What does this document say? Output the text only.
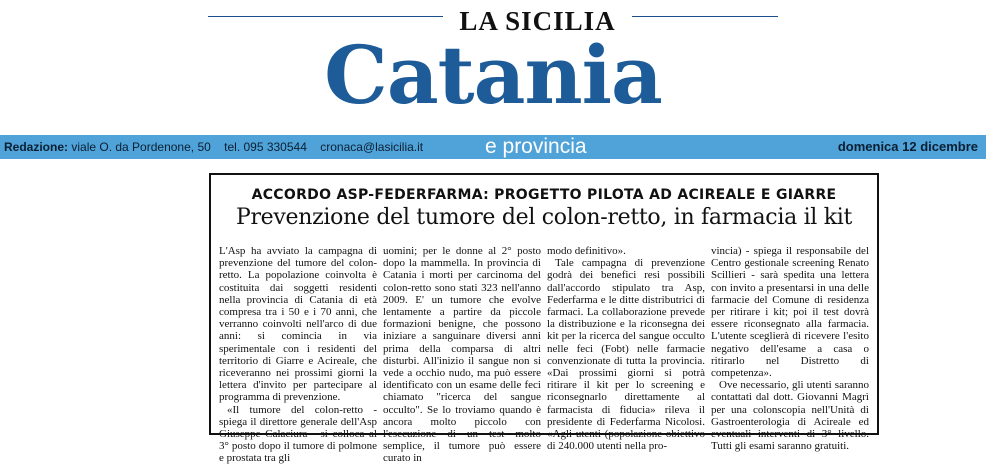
LA SICILIA
Catania
Redazione: viale O. da Pordenone, 50 tel. 095 330544 cronaca@lasicilia.it	e provincia	domenica 12 dicembre
ACCORDO ASP-FEDERFARMA: PROGETTO PILOTA AD ACIREALE E GIARRE
Prevenzione del tumore del colon-retto, in farmacia il kit

L'Asp ha avviato la campagna di prevenzione del tumore del colon-retto. La popolazione coinvolta è costituita dai soggetti residenti nella provincia di Catania di età compresa tra i 50 e i 70 anni, che verranno coinvolti nell'arco di due anni: si comincia in via sperimentale con i residenti del territorio di Giarre e Acireale, che riceveranno nei prossimi giorni la lettera d'invito per partecipare al programma di prevenzione.

«Il tumore del colon-retto - spiega il direttore generale dell'Asp Giuseppe Calaciura - si colloca al 3° posto dopo il tumore di polmone e prostata tra gli

uomini; per le donne al 2° posto dopo la mammella. In provincia di Catania i morti per carcinoma del colon-retto sono stati 323 nell'anno 2009. E' un tumore che evolve lentamente a partire da piccole formazioni benigne, che possono iniziare a sanguinare diversi anni prima della comparsa di altri disturbi. All'inizio il sangue non si vede a occhio nudo, ma può essere identificato con un esame delle feci chiamato "ricerca del sangue occulto". Se lo troviamo quando è ancora molto piccolo con l'esecuzione di un test molto semplice, il tumore può essere curato in

modo definitivo».

Tale campagna di prevenzione godrà dei benefici resi possibili dall'accordo stipulato tra Asp, Federfarma e le ditte distributrici di farmaci. La collaborazione prevede la distribuzione e la riconsegna dei kit per la ricerca del sangue occulto nelle feci (Fobt) nelle farmacie convenzionate di tutta la provincia. «Dai prossimi giorni si potrà ritirare il kit per lo screening e riconsegnarlo direttamente al farmacista di fiducia» rileva il presidente di Federfarma Nicolosi. «Agli utenti (popolazione obiettivo di 240.000 utenti nella pro-

vincia) - spiega il responsabile del Centro gestionale screening Renato Scillieri - sarà spedita una lettera con invito a presentarsi in una delle farmacie del Comune di residenza per ritirare i kit; poi il test dovrà essere riconsegnato alla farmacia. L'utente sceglierà di ricevere l'esito negativo dell'esame a casa o ritirarlo nel Distretto di competenza».

Ove necessario, gli utenti saranno contattati dal dott. Giovanni Magrì per una colonscopia nell'Unità di Gastroenterologia di Acireale ed eventuali interventi di 3° livello. Tutti gli esami saranno gratuiti.
